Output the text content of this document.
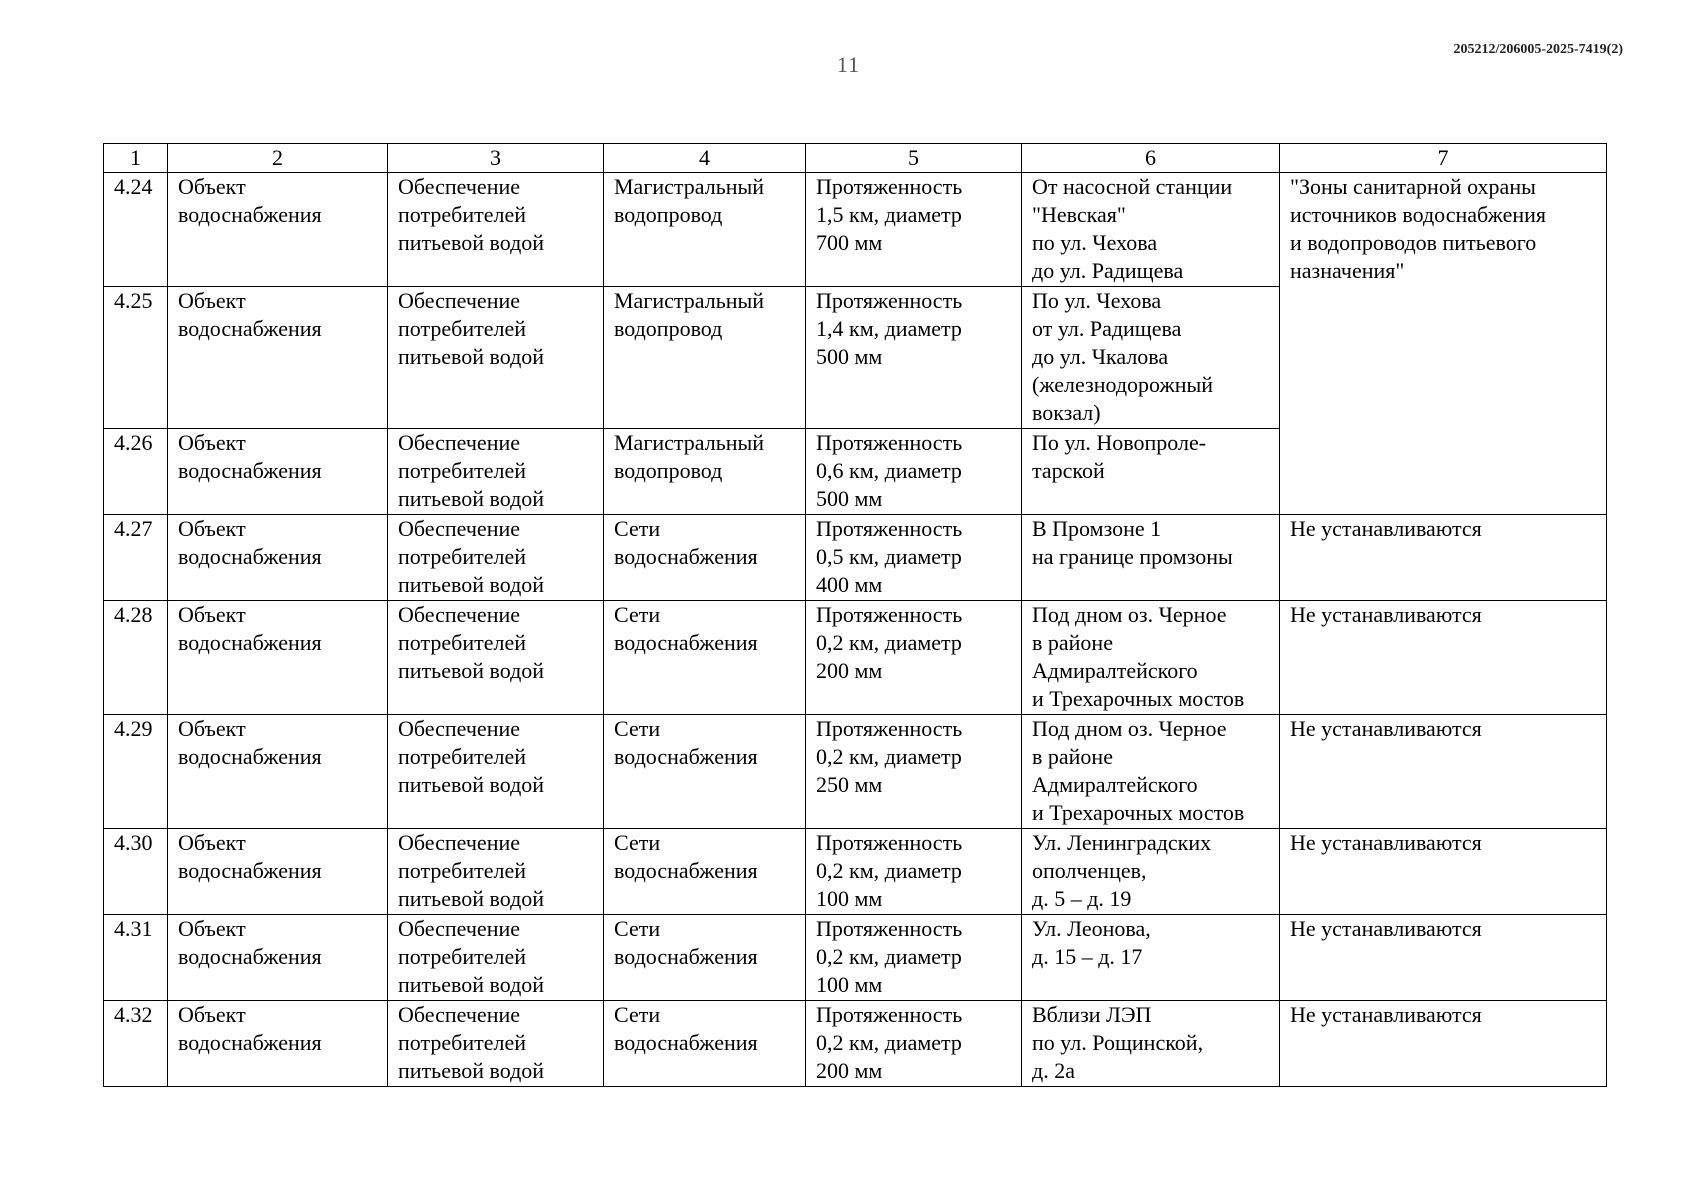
11
205212/206005-2025-7419(2)
1	2	3	4	5	6	7
4.24	Объект
водоснабжения	Обеспечение
потребителей
питьевой водой	Магистральный
водопровод	Протяженность
1,5 км, диаметр
700 мм	От насосной станции
"Невская"
по ул. Чехова
до ул. Радищева	"Зоны санитарной охраны
источников водоснабжения
и водопроводов питьевого
назначения"
4.25	Объект
водоснабжения	Обеспечение
потребителей
питьевой водой	Магистральный
водопровод	Протяженность
1,4 км, диаметр
500 мм	По ул. Чехова
от ул. Радищева
до ул. Чкалова
(железнодорожный
вокзал)	
4.26	Объект
водоснабжения	Обеспечение
потребителей
питьевой водой	Магистральный
водопровод	Протяженность
0,6 км, диаметр
500 мм	По ул. Новопроле-
тарской	
4.27	Объект
водоснабжения	Обеспечение
потребителей
питьевой водой	Сети
водоснабжения	Протяженность
0,5 км, диаметр
400 мм	В Промзоне 1
на границе промзоны	Не устанавливаются
4.28	Объект
водоснабжения	Обеспечение
потребителей
питьевой водой	Сети
водоснабжения	Протяженность
0,2 км, диаметр
200 мм	Под дном оз. Черное
в районе
Адмиралтейского
и Трехарочных мостов	Не устанавливаются
4.29	Объект
водоснабжения	Обеспечение
потребителей
питьевой водой	Сети
водоснабжения	Протяженность
0,2 км, диаметр
250 мм	Под дном оз. Черное
в районе
Адмиралтейского
и Трехарочных мостов	Не устанавливаются
4.30	Объект
водоснабжения	Обеспечение
потребителей
питьевой водой	Сети
водоснабжения	Протяженность
0,2 км, диаметр
100 мм	Ул. Ленинградских
ополченцев,
д. 5 – д. 19	Не устанавливаются
4.31	Объект
водоснабжения	Обеспечение
потребителей
питьевой водой	Сети
водоснабжения	Протяженность
0,2 км, диаметр
100 мм	Ул. Леонова,
д. 15 – д. 17	Не устанавливаются
4.32	Объект
водоснабжения	Обеспечение
потребителей
питьевой водой	Сети
водоснабжения	Протяженность
0,2 км, диаметр
200 мм	Вблизи ЛЭП
по ул. Рощинской,
д. 2а	Не устанавливаются
